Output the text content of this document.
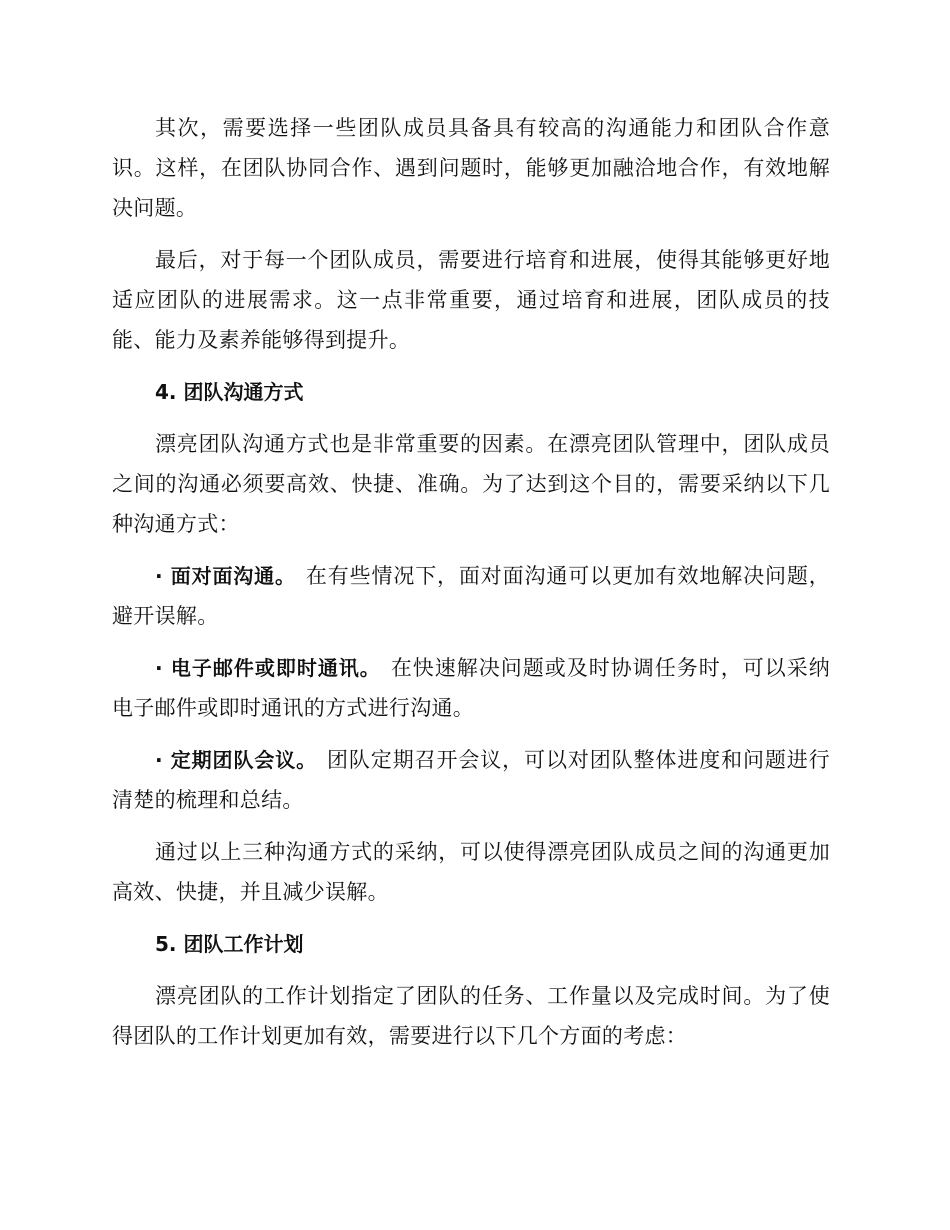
其次，需要选择一些团队成员具备具有较高的沟通能力和团队合作意识。这样，在团队协同合作、遇到问题时，能够更加融洽地合作，有效地解决问题。

最后，对于每一个团队成员，需要进行培育和进展，使得其能够更好地适应团队的进展需求。这一点非常重要，通过培育和进展，团队成员的技能、能力及素养能够得到提升。

4. 团队沟通方式

漂亮团队沟通方式也是非常重要的因素。在漂亮团队管理中，团队成员之间的沟通必须要高效、快捷、准确。为了达到这个目的，需要采纳以下几种沟通方式：

· 面对面沟通。 在有些情况下，面对面沟通可以更加有效地解决问题，避开误解。

· 电子邮件或即时通讯。 在快速解决问题或及时协调任务时，可以采纳电子邮件或即时通讯的方式进行沟通。

· 定期团队会议。 团队定期召开会议，可以对团队整体进度和问题进行清楚的梳理和总结。

通过以上三种沟通方式的采纳，可以使得漂亮团队成员之间的沟通更加高效、快捷，并且减少误解。

5. 团队工作计划

漂亮团队的工作计划指定了团队的任务、工作量以及完成时间。为了使得团队的工作计划更加有效，需要进行以下几个方面的考虑：
